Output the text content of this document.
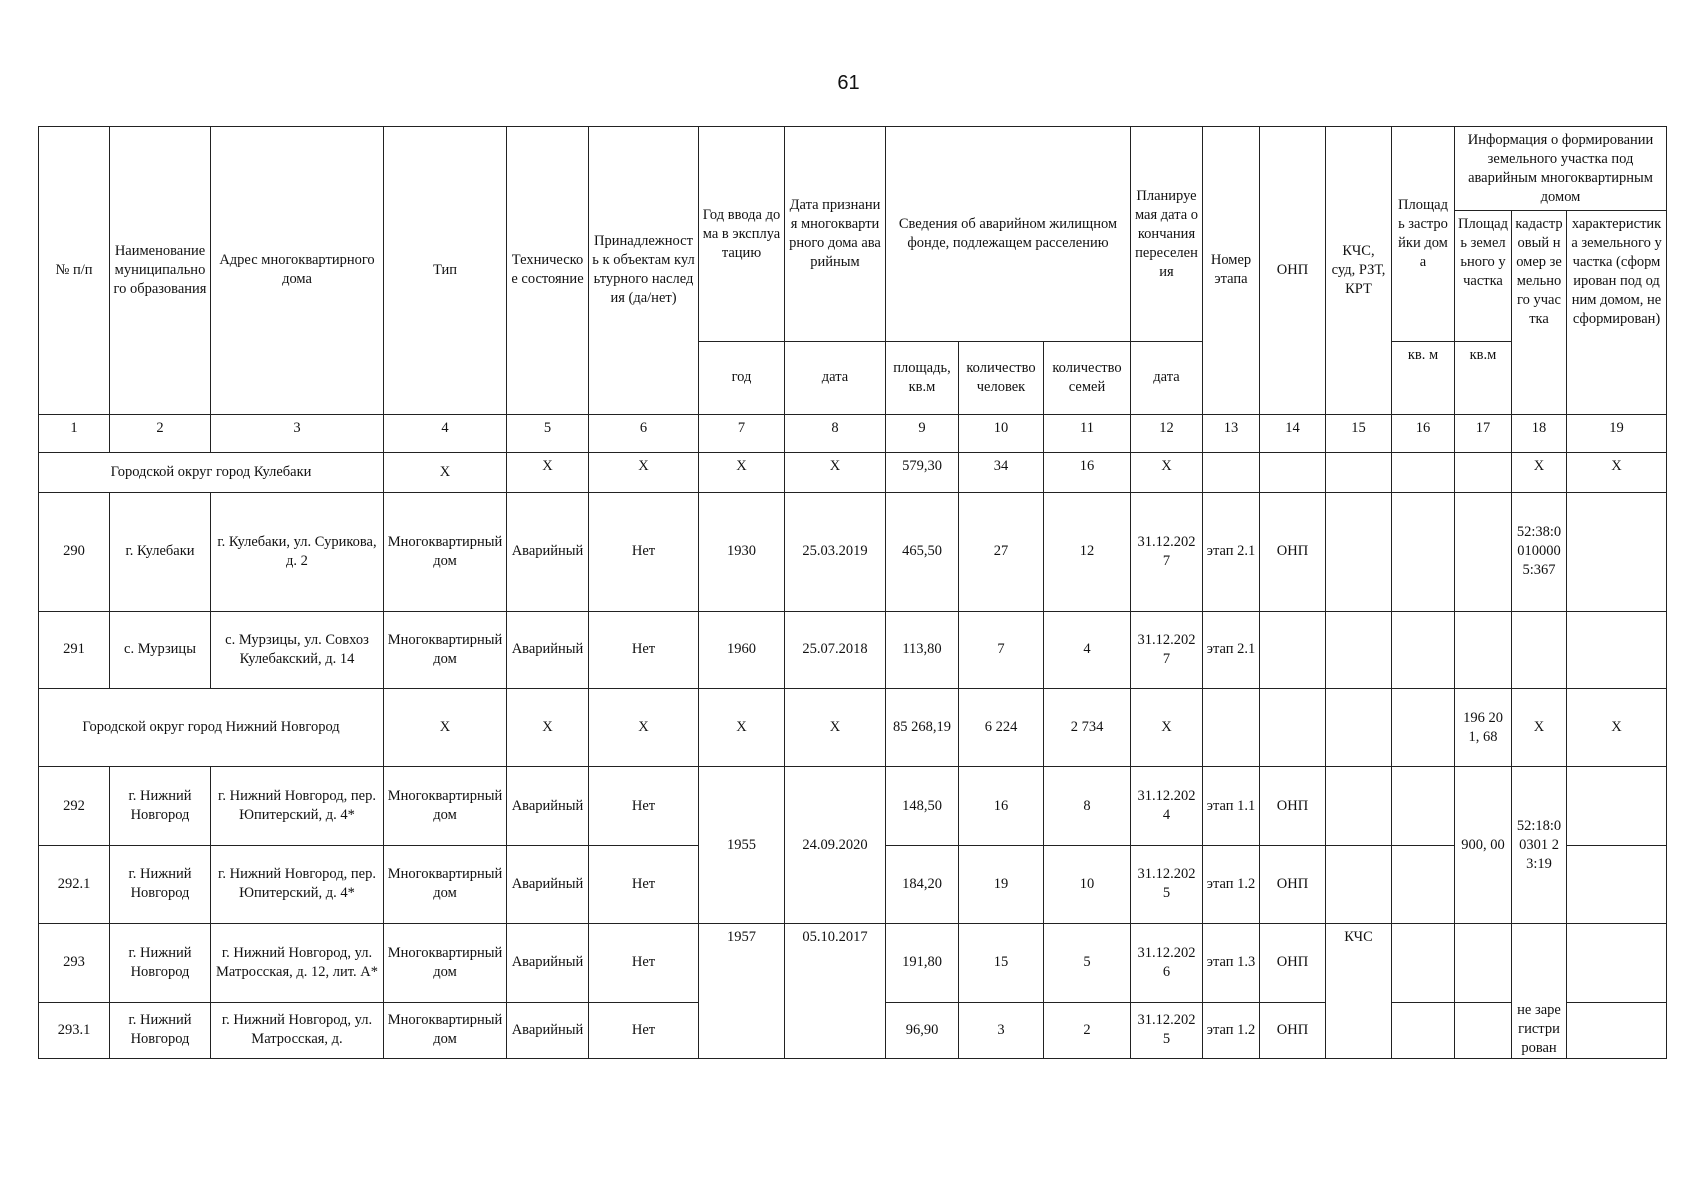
61
№ п/п	Наименование муниципального образования	Адрес многоквартирного дома	Тип	Техническое состояние	Принадлежность к объектам культурного наследия (да/нет)	Год ввода дома в эксплуатацию	Дата признания многоквартирного дома аварийным	Сведения об аварийном жилищном фонде, подлежащем расселению			Планируемая дата окончания переселения	Номер этапа	ОНП	КЧС, суд, РЗТ, КРТ	Площадь застройки дома	Информация о формировании земельного участка под аварийным многоквартирным домом		
																Площадь земельного участка	кадастровый номер земельного участка	характеристика земельного участка (сформирован под одним домом, не сформирован)
						год	дата	площадь, кв.м	количество человек	количество семей	дата				кв. м	кв.м		
1	2	3	4	5	6	7	8	9	10	11	12	13	14	15	16	17	18	19
Городской округ город Кулебаки			X	X	X	X	X	579,30	34	16	X						X	X
290	г. Кулебаки	г. Кулебаки, ул. Сурикова, д. 2	Многоквартирный дом	Аварийный	Нет	1930	25.03.2019	465,50	27	12	31.12.2027	этап 2.1	ОНП				52:38:00100005:367	
291	с. Мурзицы	с. Мурзицы, ул. Совхоз Кулебакский, д. 14	Многоквартирный дом	Аварийный	Нет	1960	25.07.2018	113,80	7	4	31.12.2027	этап 2.1						
Городской округ город Нижний Новгород			X	X	X	X	X	85 268,19	6 224	2 734	X					196 201, 68	X	X
292	г. Нижний Новгород	г. Нижний Новгород, пер. Юпитерский, д. 4*	Многоквартирный дом	Аварийный	Нет	1955	24.09.2020	148,50	16	8	31.12.2024	этап 1.1	ОНП			900, 00	52:18:00301 23:19	
292.1	г. Нижний Новгород	г. Нижний Новгород, пер. Юпитерский, д. 4*	Многоквартирный дом	Аварийный	Нет			184,20	19	10	31.12.2025	этап 1.2	ОНП					
293	г. Нижний Новгород	г. Нижний Новгород, ул. Матросская, д. 12, лит. А*	Многоквартирный дом	Аварийный	Нет	1957	05.10.2017	191,80	15	5	31.12.2026	этап 1.3	ОНП	КЧС			не зарегистрирован	
293.1	г. Нижний Новгород	г. Нижний Новгород, ул. Матросская, д.	Многоквартирный дом	Аварийный	Нет			96,90	3	2	31.12.2025	этап 1.2	ОНП					
